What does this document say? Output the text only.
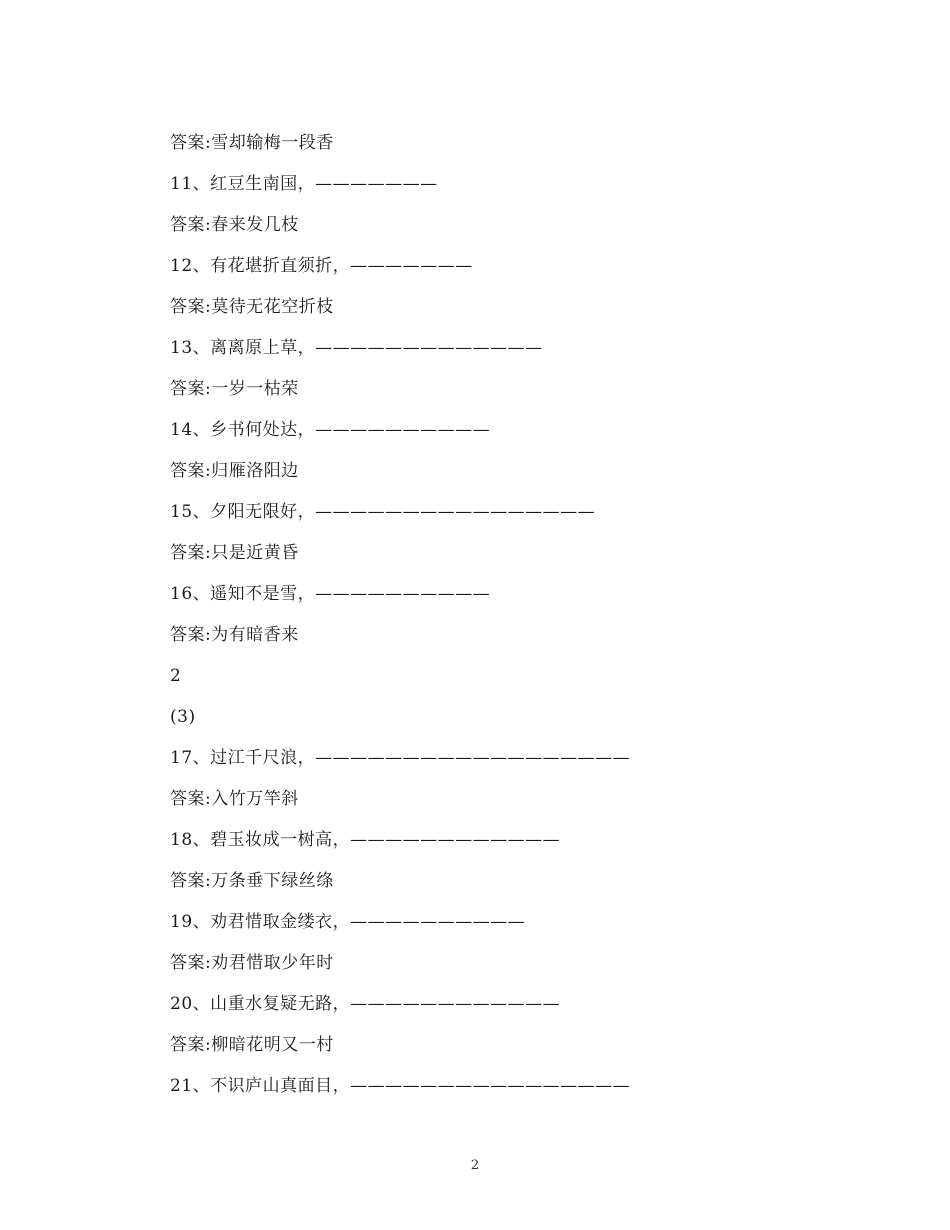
答案:雪却输梅一段香
11、红豆生南国，———————
答案:春来发几枝
12、有花堪折直须折，———————
答案:莫待无花空折枝
13、离离原上草，—————————————
答案:一岁一枯荣
14、乡书何处达，——————————
答案:归雁洛阳边
15、夕阳无限好，————————————————
答案:只是近黄昏
16、遥知不是雪，——————————
答案:为有暗香来
2
(3)
17、过江千尺浪，——————————————————
答案:入竹万竿斜
18、碧玉妆成一树高，————————————
答案:万条垂下绿丝绦
19、劝君惜取金缕衣，——————————
答案:劝君惜取少年时
20、山重水复疑无路，————————————
答案:柳暗花明又一村
21、不识庐山真面目，————————————————
2
